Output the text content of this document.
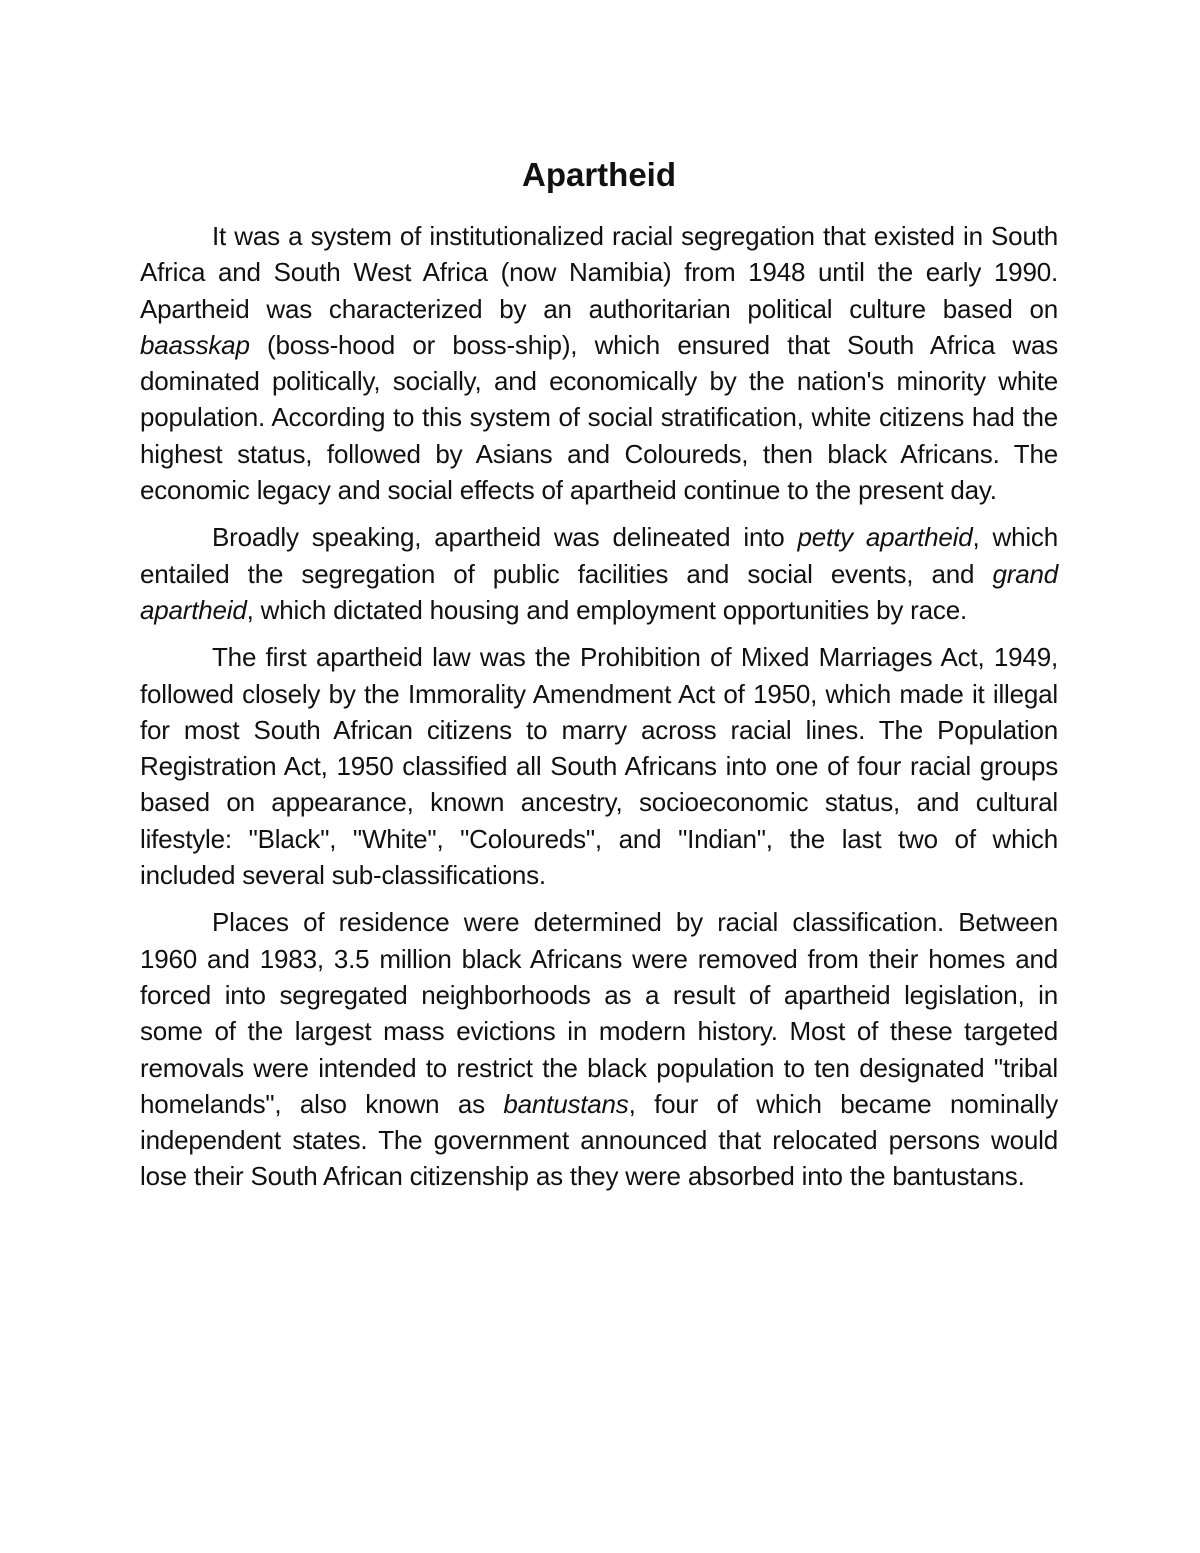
Apartheid

It was a system of institutionalized racial segregation that existed in South Africa and South West Africa (now Namibia) from 1948 until the early 1990. Apartheid was characterized by an authoritarian political culture based on baasskap (boss-hood or boss-ship), which ensured that South Africa was dominated politically, socially, and economically by the nation's minority white population. According to this system of social stratification, white citizens had the highest status, followed by Asians and Coloureds, then black Africans. The economic legacy and social effects of apartheid continue to the present day.

Broadly speaking, apartheid was delineated into petty apartheid, which entailed the segregation of public facilities and social events, and grand apartheid, which dictated housing and employment opportunities by race.

The first apartheid law was the Prohibition of Mixed Marriages Act, 1949, followed closely by the Immorality Amendment Act of 1950, which made it illegal for most South African citizens to marry across racial lines. The Population Registration Act, 1950 classified all South Africans into one of four racial groups based on appearance, known ancestry, socioeconomic status, and cultural lifestyle: "Black", "White", "Coloureds", and "Indian", the last two of which included several sub-classifications.

Places of residence were determined by racial classification. Between 1960 and 1983, 3.5 million black Africans were removed from their homes and forced into segregated neighborhoods as a result of apartheid legislation, in some of the largest mass evictions in modern history. Most of these targeted removals were intended to restrict the black population to ten designated "tribal homelands", also known as bantustans, four of which became nominally independent states. The government announced that relocated persons would lose their South African citizenship as they were absorbed into the bantustans.
